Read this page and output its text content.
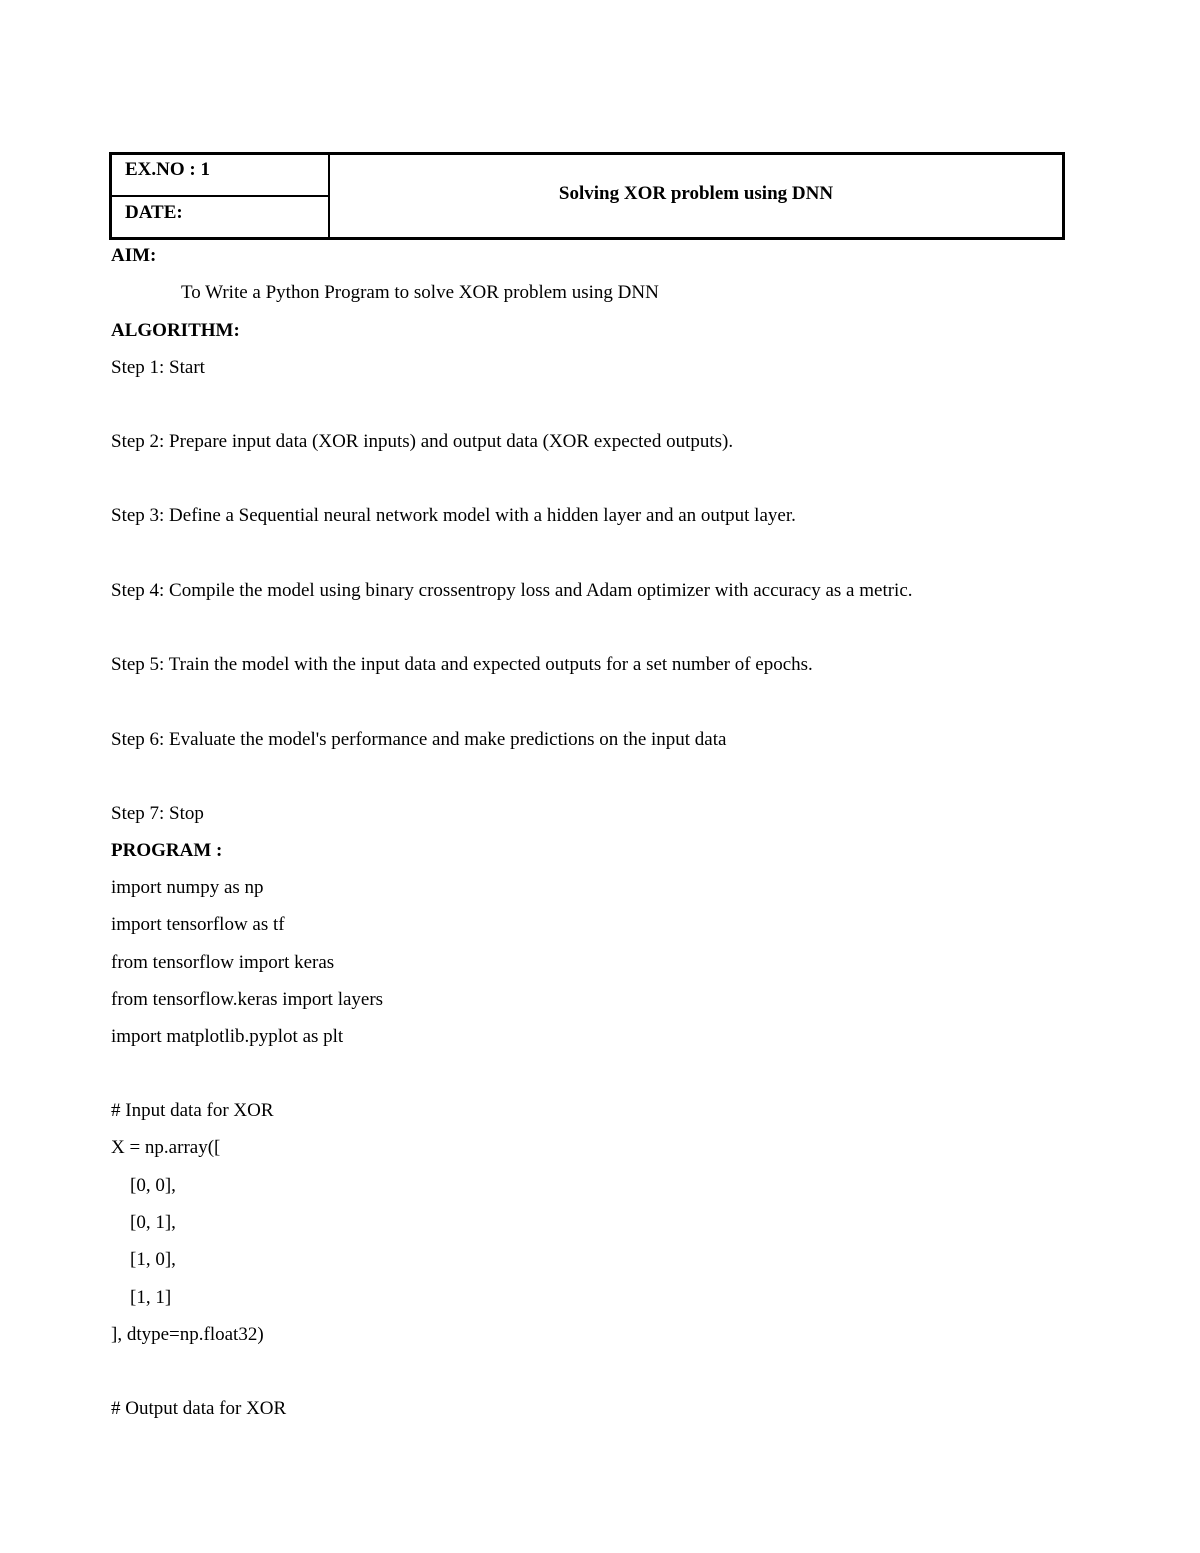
EX.NO : 1
DATE:
Solving XOR problem using DNN
AIM:
To Write a Python Program to solve XOR problem using DNN
ALGORITHM:
Step 1: Start
Step 2: Prepare input data (XOR inputs) and output data (XOR expected outputs).
Step 3: Define a Sequential neural network model with a hidden layer and an output layer.
Step 4: Compile the model using binary crossentropy loss and Adam optimizer with accuracy as a metric.
Step 5: Train the model with the input data and expected outputs for a set number of epochs.
Step 6: Evaluate the model's performance and make predictions on the input data
Step 7: Stop
PROGRAM :
import numpy as np
import tensorflow as tf
from tensorflow import keras
from tensorflow.keras import layers
import matplotlib.pyplot as plt
# Input data for XOR
X = np.array([
[0, 0],
[0, 1],
[1, 0],
[1, 1]
], dtype=np.float32)
# Output data for XOR
